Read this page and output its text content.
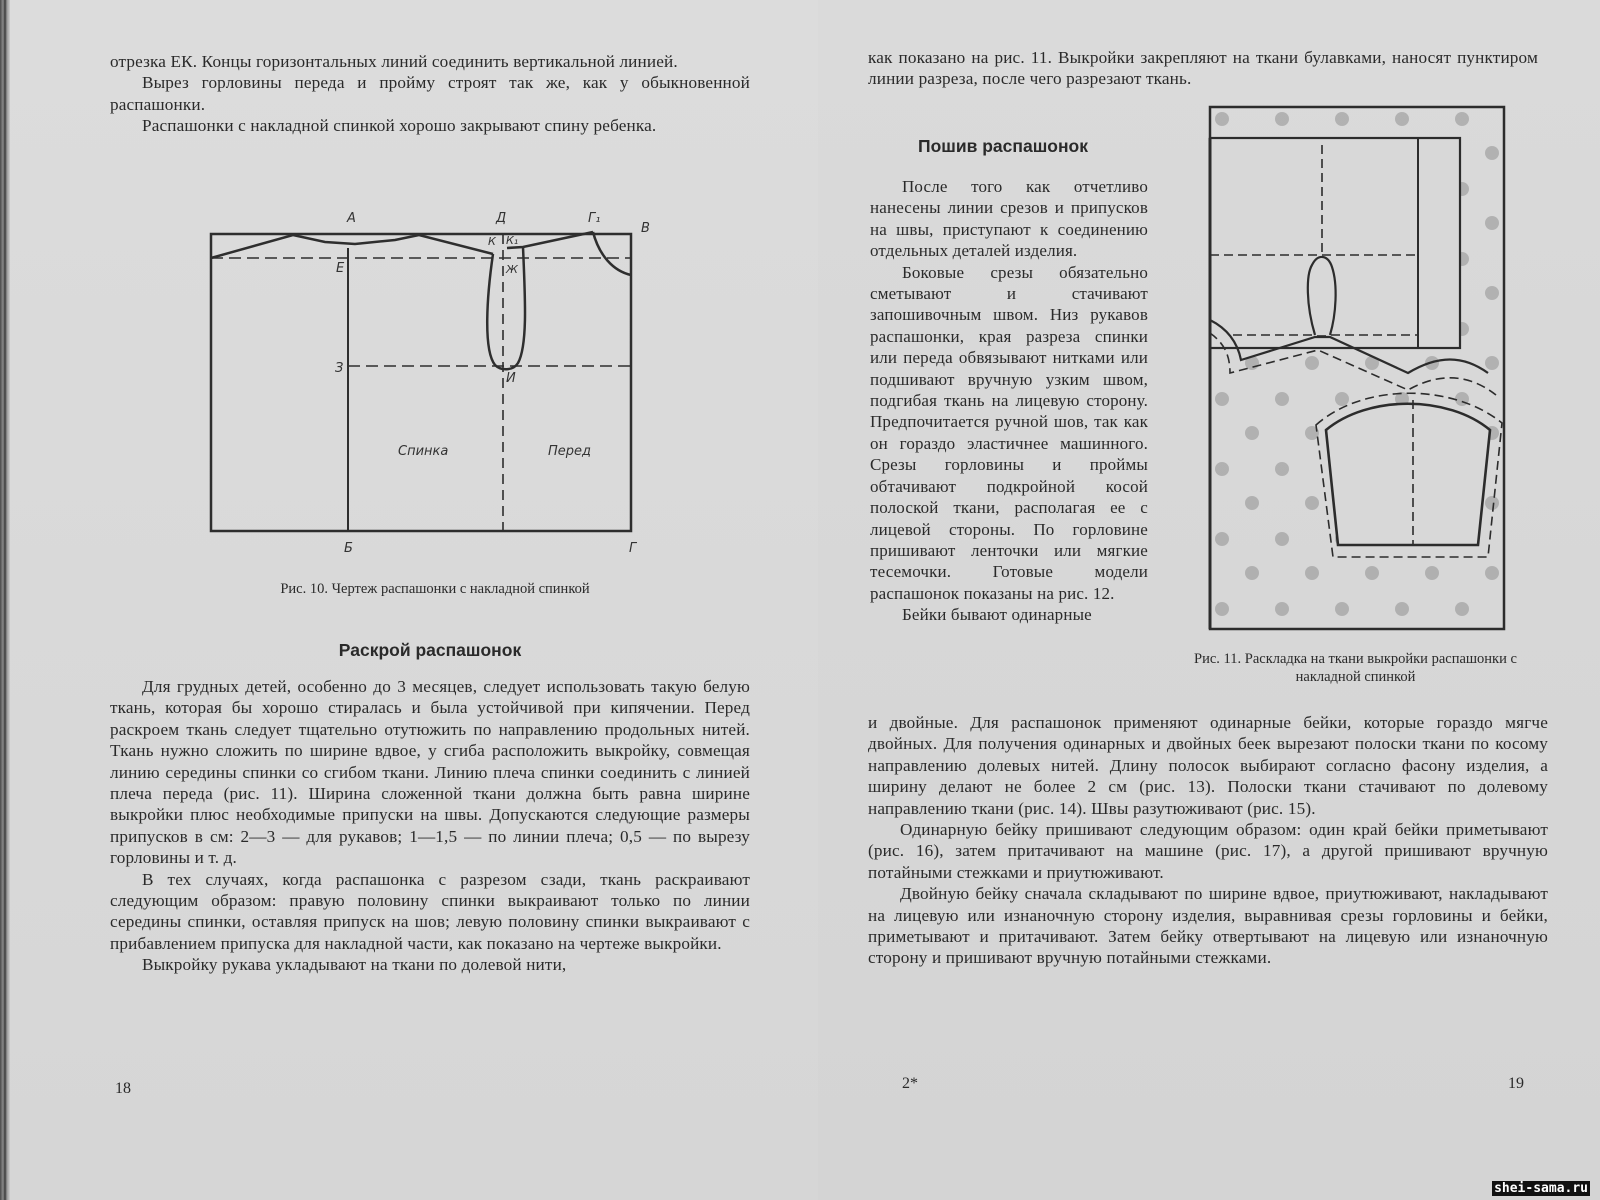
отрезка ЕК. Концы горизонтальных линий соединить вертикальной линией.

Вырез горловины переда и пройму строят так же, как у обыкновенной распашонки.

Распашонки с накладной спинкой хорошо закрывают спину ребенка.

А	Д	Г₁
В
К К₁
Е	Ж
З
И
Б	Г
Спинка	Перед
Рис. 10. Чертеж распашонки с накладной спинкой
Раскрой распашонок

Для грудных детей, особенно до 3 месяцев, следует использовать такую белую ткань, которая бы хорошо стиралась и была устойчивой при кипячении. Перед раскроем ткань следует тщательно отутюжить по направлению продольных нитей. Ткань нужно сложить по ширине вдвое, у сгиба расположить выкройку, совмещая линию середины спинки со сгибом ткани. Линию плеча спинки соединить с линией плеча переда (рис. 11). Ширина сложенной ткани должна быть равна ширине выкройки плюс необходимые припуски на швы. Допускаются следующие размеры припусков в см: 2—3 — для рукавов; 1—1,5 — по линии плеча; 0,5 — по вырезу горловины и т. д.

В тех случаях, когда распашонка с разрезом сзади, ткань раскраивают следующим образом: правую половину спинки выкраивают только по линии середины спинки, оставляя припуск на шов; левую половину спинки выкраивают с прибавлением припуска для накладной части, как показано на чертеже выкройки.

Выкройку рукава укладывают на ткани по долевой нити,

18

как показано на рис. 11. Выкройки закрепляют на ткани булавками, наносят пунктиром линии разреза, после чего разрезают ткань.

Пошив распашонок

После того как отчетливо нанесены линии срезов и припусков на швы, приступают к соединению отдельных деталей изделия.

Боковые срезы обязательно сметывают и стачивают запошивочным швом. Низ рукавов распашонки, края разреза спинки или переда обвязывают нитками или подшивают вручную узким швом, подгибая ткань на лицевую сторону. Предпочитается ручной шов, так как он гораздо эластичнее машинного. Срезы горловины и проймы обтачивают подкройной косой полоской ткани, располагая ее с лицевой стороны. По горловине пришивают ленточки или мягкие тесемочки. Готовые модели распашонок показаны на рис. 12.

Бейки бывают одинарные

Рис. 11. Раскладка на ткани выкройки распашонки с накладной спинкой

и двойные. Для распашонок применяют одинарные бейки, которые гораздо мягче двойных. Для получения одинарных и двойных беек вырезают полоски ткани по косому направлению долевых нитей. Длину полосок выбирают согласно фасону изделия, а ширину делают не более 2 см (рис. 13). Полоски ткани стачивают по долевому направлению ткани (рис. 14). Швы разутюживают (рис. 15).

Одинарную бейку пришивают следующим образом: один край бейки приметывают (рис. 16), затем притачивают на машине (рис. 17), а другой пришивают вручную потайными стежками и приутюживают.

Двойную бейку сначала складывают по ширине вдвое, приутюживают, накладывают на лицевую или изнаночную сторону изделия, выравнивая срезы горловины и бейки, приметывают и притачивают. Затем бейку отвертывают на лицевую или изнаночную сторону и пришивают вручную потайными стежками.

2*	19
shei-sama.ru
